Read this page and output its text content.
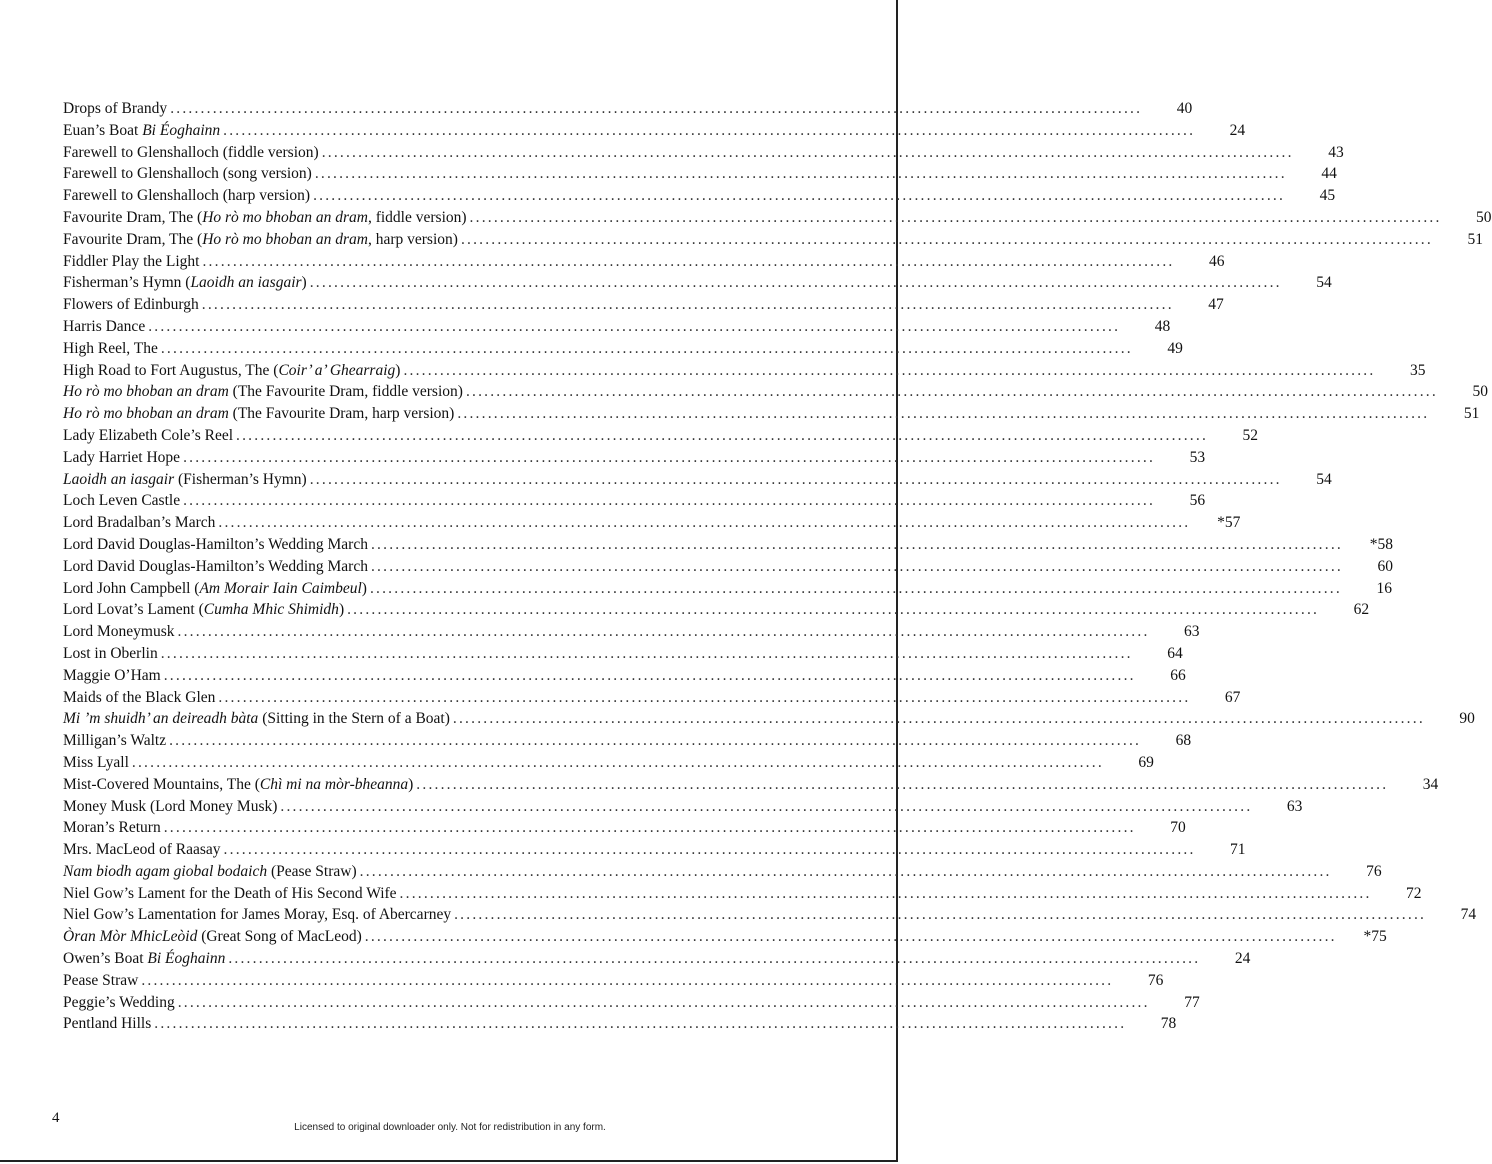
Drops of Brandy ................................................................................................................................................................	40
Euan’s Boat Bi Éoghainn ................................................................................................................................................................	24
Farewell to Glenshalloch (fiddle version) ................................................................................................................................................................	43
Farewell to Glenshalloch (song version) ................................................................................................................................................................	44
Farewell to Glenshalloch (harp version) ................................................................................................................................................................	45
Favourite Dram, The (Ho rò mo bhoban an dram, fiddle version) ................................................................................................................................................................	50
Favourite Dram, The (Ho rò mo bhoban an dram, harp version) ................................................................................................................................................................	51
Fiddler Play the Light ................................................................................................................................................................	46
Fisherman’s Hymn (Laoidh an iasgair) ................................................................................................................................................................	54
Flowers of Edinburgh ................................................................................................................................................................	47
Harris Dance ................................................................................................................................................................	48
High Reel, The ................................................................................................................................................................	49
High Road to Fort Augustus, The (Coir’ a’ Ghearraig) ................................................................................................................................................................	35
Ho rò mo bhoban an dram (The Favourite Dram, fiddle version) ................................................................................................................................................................	50
Ho rò mo bhoban an dram (The Favourite Dram, harp version) ................................................................................................................................................................	51
Lady Elizabeth Cole’s Reel ................................................................................................................................................................	52
Lady Harriet Hope ................................................................................................................................................................	53
Laoidh an iasgair (Fisherman’s Hymn) ................................................................................................................................................................	54
Loch Leven Castle ................................................................................................................................................................	56
Lord Bradalban’s March ................................................................................................................................................................	*57
Lord David Douglas-Hamilton’s Wedding March ................................................................................................................................................................	*58
Lord David Douglas-Hamilton’s Wedding March ................................................................................................................................................................	60
Lord John Campbell (Am Morair Iain Caimbeul) ................................................................................................................................................................	16
Lord Lovat’s Lament (Cumha Mhic Shimidh) ................................................................................................................................................................	62
Lord Moneymusk ................................................................................................................................................................	63
Lost in Oberlin ................................................................................................................................................................	64
Maggie O’Ham ................................................................................................................................................................	66
Maids of the Black Glen ................................................................................................................................................................	67
Mi ’m shuidh’ an deireadh bàta (Sitting in the Stern of a Boat) ................................................................................................................................................................	90
Milligan’s Waltz ................................................................................................................................................................	68
Miss Lyall ................................................................................................................................................................	69
Mist-Covered Mountains, The (Chì mi na mòr-bheanna) ................................................................................................................................................................	34
Money Musk (Lord Money Musk) ................................................................................................................................................................	63
Moran’s Return ................................................................................................................................................................	70
Mrs. MacLeod of Raasay ................................................................................................................................................................	71
Nam biodh agam giobal bodaich (Pease Straw) ................................................................................................................................................................	76
Niel Gow’s Lament for the Death of His Second Wife ................................................................................................................................................................	72
Niel Gow’s Lamentation for James Moray, Esq. of Abercarney ................................................................................................................................................................	74
Òran Mòr MhicLeòid (Great Song of MacLeod) ................................................................................................................................................................	*75
Owen’s Boat Bi Éoghainn ................................................................................................................................................................	24
Pease Straw ................................................................................................................................................................	76
Peggie’s Wedding ................................................................................................................................................................	77
Pentland Hills ................................................................................................................................................................	78
4
Licensed to original downloader only. Not for redistribution in any form.
